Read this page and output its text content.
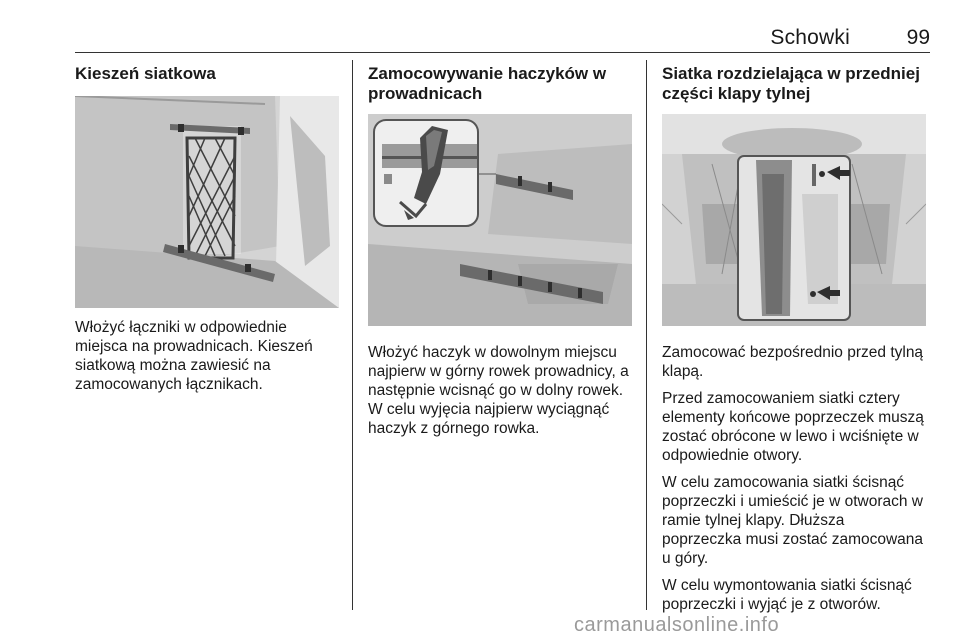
Schowki	99
Kieszeń siatkowa

Włożyć łączniki w odpowiednie miejsca na prowadnicach. Kieszeń siatkową można zawiesić na zamocowanych łącznikach.

Zamocowywanie haczyków w prowadnicach

Włożyć haczyk w dowolnym miejscu najpierw w górny rowek prowadnicy, a następnie wcisnąć go w dolny rowek. W celu wyjęcia najpierw wyciągnąć haczyk z górnego rowka.

Siatka rozdzielająca w przedniej części klapy tylnej

Zamocować bezpośrednio przed tylną klapą.

Przed zamocowaniem siatki cztery elementy końcowe poprzeczek muszą zostać obrócone w lewo i wciśnięte w odpowiednie otwory.

W celu zamocowania siatki ścisnąć poprzeczki i umieścić je w otworach w ramie tylnej klapy. Dłuższa poprzeczka musi zostać zamocowana u góry.

W celu wymontowania siatki ścisnąć poprzeczki i wyjąć je z otworów.

carmanualsonline.info
